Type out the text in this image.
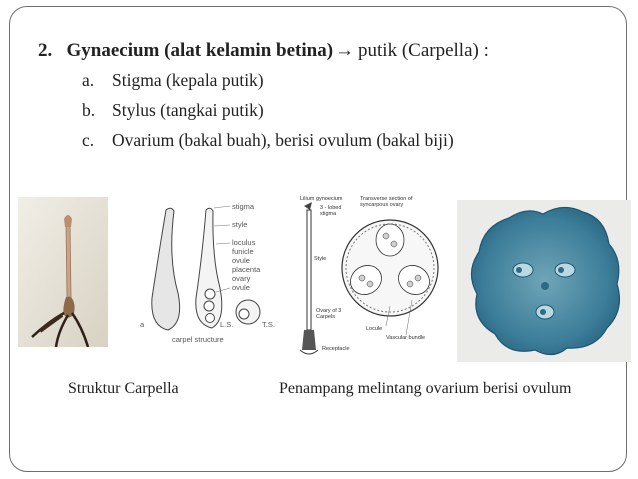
2. Gynaecium (alat kelamin betina) → putik (Carpella) :
a. Stigma (kepala putik)
b. Stylus (tangkai putik)
c. Ovarium (bakal buah), berisi ovulum (bakal biji)
stigma
style
loculus
funicle
ovule
placenta
ovary
ovule
a	L.S.	T.S.
carpel structure
Lilium gynoecium
3 - lobed
stigma
Transverse section of
syncarpous ovary
Style
Ovary of 3
Carpels
Receptacle
Locule
Vascular bundle
Struktur Carpella	Penampang melintang ovarium berisi ovulum
